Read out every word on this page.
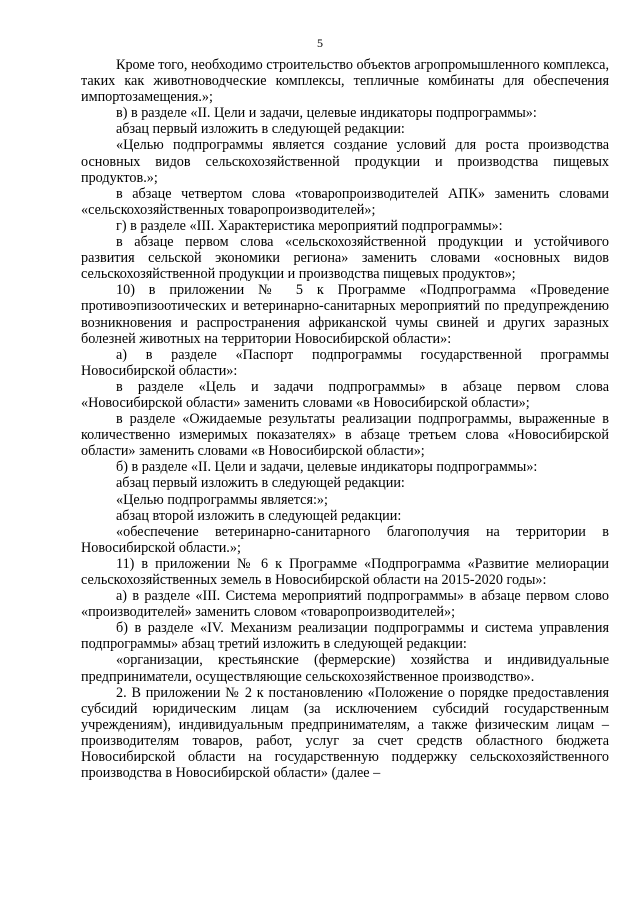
5

Кроме того, необходимо строительство объектов агропромышленного комплекса, таких как животноводческие комплексы, тепличные комбинаты для обеспечения импортозамещения.»;

в) в разделе «II. Цели и задачи, целевые индикаторы подпрограммы»:

абзац первый изложить в следующей редакции:

«Целью подпрограммы является создание условий для роста производства основных видов сельскохозяйственной продукции и производства пищевых продуктов.»;

в абзаце четвертом слова «товаропроизводителей АПК» заменить словами «сельскохозяйственных товаропроизводителей»;

г) в разделе «III. Характеристика мероприятий подпрограммы»:

в абзаце первом слова «сельскохозяйственной продукции и устойчивого развития сельской экономики региона» заменить словами «основных видов сельскохозяйственной продукции и производства пищевых продуктов»;

10) в приложении № 5 к Программе «Подпрограмма «Проведение противоэпизоотических и ветеринарно-санитарных мероприятий по предупреждению возникновения и распространения африканской чумы свиней и других заразных болезней животных на территории Новосибирской области»:

а) в разделе «Паспорт подпрограммы государственной программы Новосибирской области»:

в разделе «Цель и задачи подпрограммы» в абзаце первом слова «Новосибирской области» заменить словами «в Новосибирской области»;

в разделе «Ожидаемые результаты реализации подпрограммы, выраженные в количественно измеримых показателях» в абзаце третьем слова «Новосибирской области» заменить словами «в Новосибирской области»;

б) в разделе «II. Цели и задачи, целевые индикаторы подпрограммы»:

абзац первый изложить в следующей редакции:

«Целью подпрограммы является:»;

абзац второй изложить в следующей редакции:

«обеспечение ветеринарно-санитарного благополучия на территории в Новосибирской области.»;

11) в приложении № 6 к Программе «Подпрограмма «Развитие мелиорации сельскохозяйственных земель в Новосибирской области на 2015-2020 годы»:

а) в разделе «III. Система мероприятий подпрограммы» в абзаце первом слово «производителей» заменить словом «товаропроизводителей»;

б) в разделе «IV. Механизм реализации подпрограммы и система управления подпрограммы» абзац третий изложить в следующей редакции:

«организации, крестьянские (фермерские) хозяйства и индивидуальные предприниматели, осуществляющие сельскохозяйственное производство».

2. В приложении № 2 к постановлению «Положение о порядке предоставления субсидий юридическим лицам (за исключением субсидий государственным учреждениям), индивидуальным предпринимателям, а также физическим лицам – производителям товаров, работ, услуг за счет средств областного бюджета Новосибирской области на государственную поддержку сельскохозяйственного производства в Новосибирской области» (далее –
